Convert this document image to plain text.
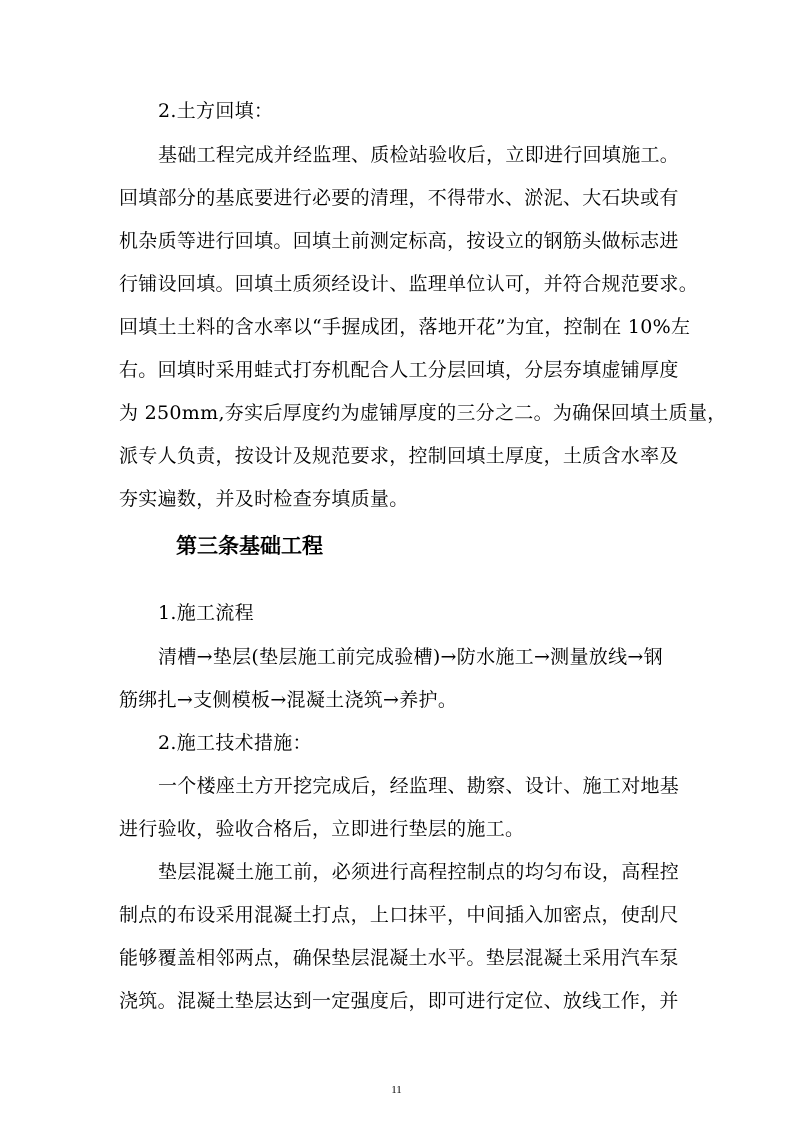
2.土方回填：
基础工程完成并经监理、质检站验收后，立即进行回填施工。
回填部分的基底要进行必要的清理，不得带水、淤泥、大石块或有
机杂质等进行回填。回填土前测定标高，按设立的钢筋头做标志进
行铺设回填。回填土质须经设计、监理单位认可，并符合规范要求。
回填土土料的含水率以“手握成团，落地开花”为宜，控制在 10%左
右。回填时采用蛙式打夯机配合人工分层回填，分层夯填虚铺厚度
为 250mm,夯实后厚度约为虚铺厚度的三分之二。为确保回填土质量，
派专人负责，按设计及规范要求，控制回填土厚度，土质含水率及
夯实遍数，并及时检查夯填质量。
第三条基础工程
1.施工流程
清槽→垫层(垫层施工前完成验槽)→防水施工→测量放线→钢
筋绑扎→支侧模板→混凝土浇筑→养护。
2.施工技术措施：
一个楼座土方开挖完成后，经监理、勘察、设计、施工对地基
进行验收，验收合格后，立即进行垫层的施工。
垫层混凝土施工前，必须进行高程控制点的均匀布设，高程控
制点的布设采用混凝土打点，上口抹平，中间插入加密点，使刮尺
能够覆盖相邻两点，确保垫层混凝土水平。垫层混凝土采用汽车泵
浇筑。混凝土垫层达到一定强度后，即可进行定位、放线工作，并
11
